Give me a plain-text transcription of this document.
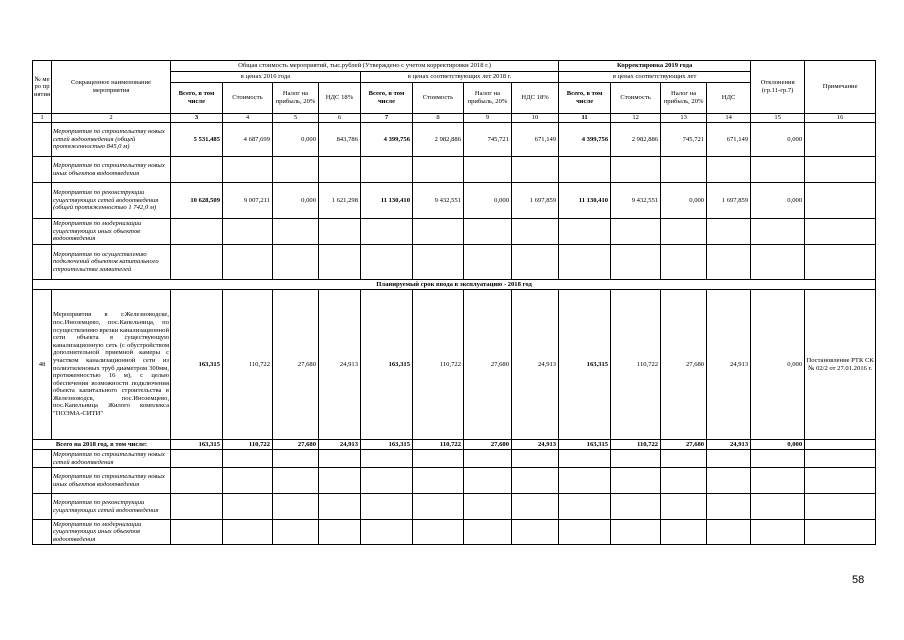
№ ме ро пр иятия	Сокращенное наименование мероприятия	Общая стоимость мероприятий, тыс.рублей (Утверждено с учетом корректировки 2018 г.)								Корректировка 2019 года				Отклонения (гр.11-гр.7)	Примечание
		в ценах 2016 года				в ценах соответствующих лет 2018 г.				в ценах соответствующих лет					
		Всего, в том числе	Стоимость	Налог на прибыль, 20%	НДС 18%	Всего, в том числе	Стоимость	Налог на прибыль, 20%	НДС 18%	Всего, в том числе	Стоимость	Налог на прибыль, 20%	НДС		
1	2	3	4	5	6	7	8	9	10	11	12	13	14	15	16
	Мероприятия по строительству новых сетей водоотведения (общей протяженностью 845,0 м)	5 531,485	4 687,699	0,000	843,786	4 399,756	2 982,886	745,721	671,149	4 399,756	2 982,886	745,721	671,149	0,000	
	Мероприятия по строительству новых иных объектов водоотведения														
	Мероприятия по реконструкции существующих сетей водоотведения (общей протяженностью 1 742,0 м)	10 628,509	9 007,211	0,000	1 621,298	11 130,410	9 432,551	0,000	1 697,859	11 130,410	9 432,551	0,000	1 697,859	0,000	
	Мероприятия по модернизации существующих иных объектов водоотведения														
	Мероприятия по осуществлению подключений объектов капитального строительства заявителей														
Планируемый срок ввода в эксплуатацию - 2018 год															
48	Мероприятия в г.Железноводске, пос.Иноземцево, пос.Капельница, по осуществлению врезки канализационной сети объекта в существующую канализационную сеть (с обустройством дополнительной приемной камеры с участком канализационной сети из полиэтиленовых труб диаметром 300мм, протяженностью 16 м), с целью обеспечения возможности подключения объекта капитального строительства в Железноводск, пос.Иноземцево, пос.Капельница Жилого комплекса "ПОЭМА-СИТИ"	163,315	110,722	27,680	24,913	163,315	110,722	27,680	24,913	163,315	110,722	27,680	24,913	0,000	Постановление РТК СК № 02/2 от 27.01.2016 г.
Всего на 2018 год, в том числе:		163,315	110,722	27,680	24,913	163,315	110,722	27,680	24,913	163,315	110,722	27,680	24,913	0,000	
	Мероприятия по строительству новых сетей водоотведения														
	Мероприятия по строительству новых иных объектов водоотведения														
	Мероприятия по реконструкции существующих сетей водоотведения														
	Мероприятия по модернизации существующих иных объектов водоотведения														
58
